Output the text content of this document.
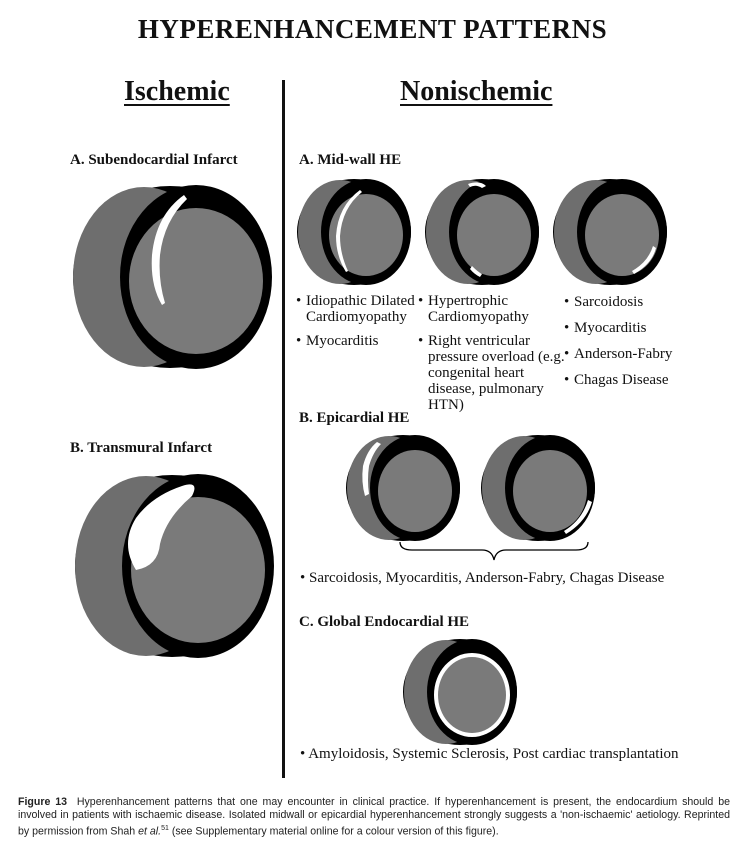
HYPERENHANCEMENT PATTERNS
Ischemic	Nonischemic
A. Subendocardial Infarct
B. Transmural Infarct
A. Mid-wall HE
• Idiopathic Dilated Cardiomyopathy
• Myocarditis
• Hypertrophic Cardiomyopathy
• Right ventricular pressure overload (e.g. congenital heart disease, pulmonary HTN)
• Sarcoidosis
• Myocarditis
• Anderson-Fabry
• Chagas Disease
B. Epicardial HE
• Sarcoidosis, Myocarditis, Anderson-Fabry, Chagas Disease
C. Global Endocardial HE
• Amyloidosis, Systemic Sclerosis, Post cardiac transplantation
Figure 13 Hyperenhancement patterns that one may encounter in clinical practice. If hyperenhancement is present, the endocardium should be involved in patients with ischaemic disease. Isolated midwall or epicardial hyperenhancement strongly suggests a 'non-ischaemic' aetiology. Reprinted by permission from Shah et al.$^{51}$ (see Supplementary material online for a colour version of this figure).
